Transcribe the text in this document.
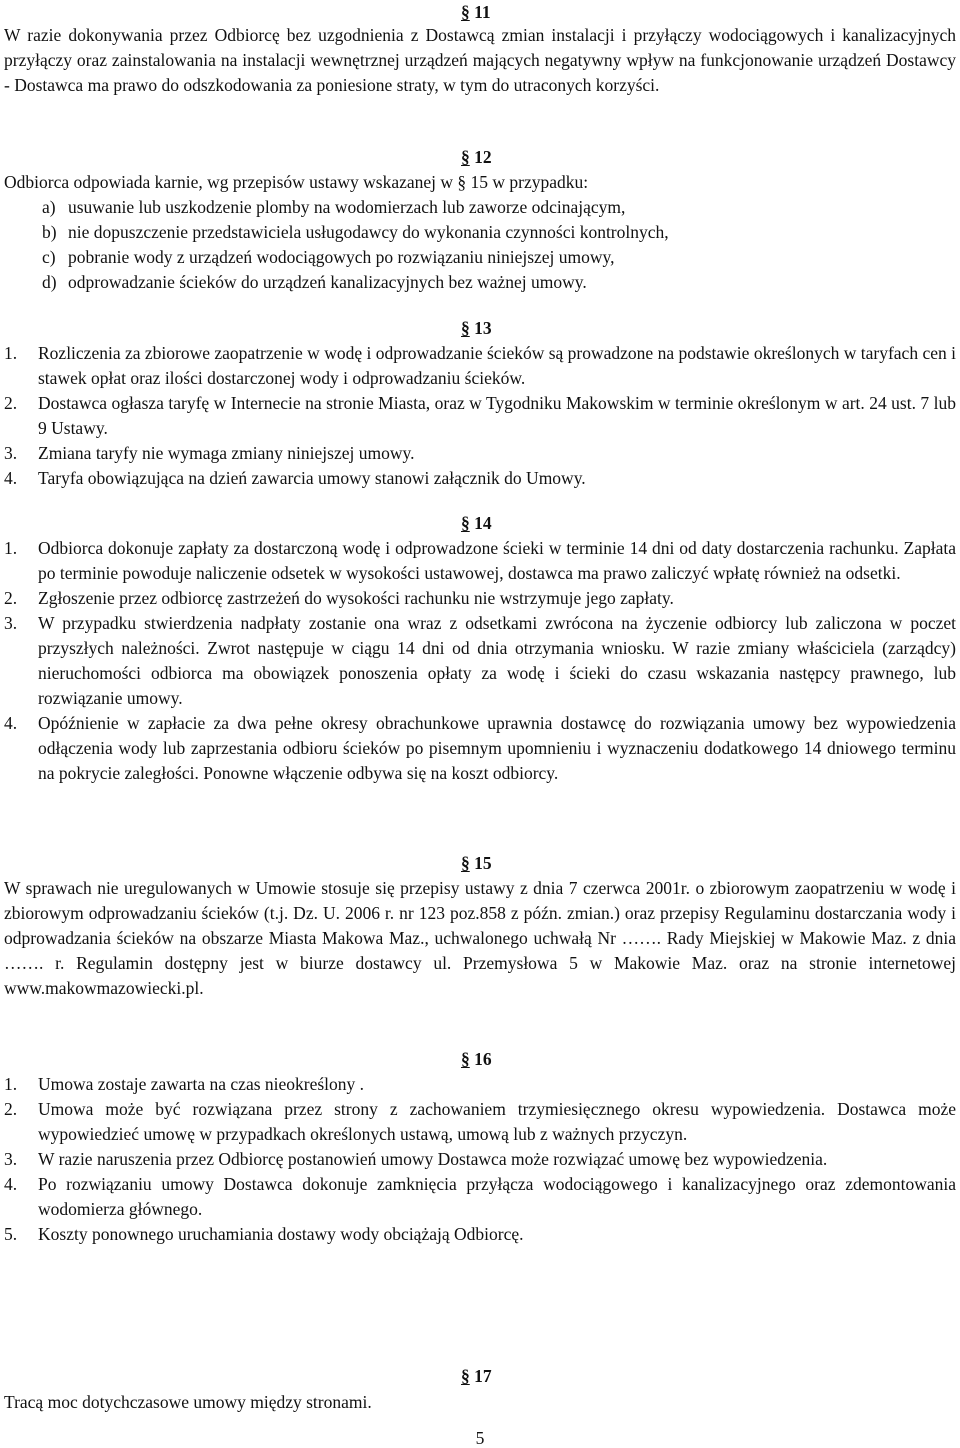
§ 11
W razie dokonywania przez Odbiorcę bez uzgodnienia z Dostawcą zmian instalacji i przyłączy wodociągowych i kanalizacyjnych przyłączy oraz zainstalowania na instalacji wewnętrznej urządzeń mających negatywny wpływ na funkcjonowanie urządzeń Dostawcy - Dostawca ma prawo do odszkodowania za poniesione straty, w tym do utraconych korzyści.
§ 12
Odbiorca odpowiada karnie, wg przepisów ustawy wskazanej w § 15 w przypadku:
a) usuwanie lub uszkodzenie plomby na wodomierzach lub zaworze odcinającym,
b) nie dopuszczenie przedstawiciela usługodawcy do wykonania czynności kontrolnych,
c) pobranie wody z urządzeń wodociągowych po rozwiązaniu niniejszej umowy,
d) odprowadzanie ścieków do urządzeń kanalizacyjnych bez ważnej umowy.
§ 13
1. Rozliczenia za zbiorowe zaopatrzenie w wodę i odprowadzanie ścieków są prowadzone na podstawie określonych w taryfach cen i stawek opłat oraz ilości dostarczonej wody i odprowadzaniu ścieków.
2. Dostawca ogłasza taryfę w Internecie na stronie Miasta, oraz w Tygodniku Makowskim w terminie określonym w art. 24 ust. 7 lub 9 Ustawy.
3. Zmiana taryfy nie wymaga zmiany niniejszej umowy.
4. Taryfa obowiązująca na dzień zawarcia umowy stanowi załącznik do Umowy.
§ 14
1. Odbiorca dokonuje zapłaty za dostarczoną wodę i odprowadzone ścieki w terminie 14 dni od daty dostarczenia rachunku. Zapłata po terminie powoduje naliczenie odsetek w wysokości ustawowej, dostawca ma prawo zaliczyć wpłatę również na odsetki.
2. Zgłoszenie przez odbiorcę zastrzeżeń do wysokości rachunku nie wstrzymuje jego zapłaty.
3. W przypadku stwierdzenia nadpłaty zostanie ona wraz z odsetkami zwrócona na życzenie odbiorcy lub zaliczona w poczet przyszłych należności. Zwrot następuje w ciągu 14 dni od dnia otrzymania wniosku. W razie zmiany właściciela (zarządcy) nieruchomości odbiorca ma obowiązek ponoszenia opłaty za wodę i ścieki do czasu wskazania następcy prawnego, lub rozwiązanie umowy.
4. Opóźnienie w zapłacie za dwa pełne okresy obrachunkowe uprawnia dostawcę do rozwiązania umowy bez wypowiedzenia odłączenia wody lub zaprzestania odbioru ścieków po pisemnym upomnieniu i wyznaczeniu dodatkowego 14 dniowego terminu na pokrycie zaległości. Ponowne włączenie odbywa się na koszt odbiorcy.
§ 15
W sprawach nie uregulowanych w Umowie stosuje się przepisy ustawy z dnia 7 czerwca 2001r. o zbiorowym zaopatrzeniu w wodę i zbiorowym odprowadzaniu ścieków (t.j. Dz. U. 2006 r. nr 123 poz.858 z późn. zmian.) oraz przepisy Regulaminu dostarczania wody i odprowadzania ścieków na obszarze Miasta Makowa Maz., uchwalonego uchwałą Nr ……. Rady Miejskiej w Makowie Maz. z dnia ……. r. Regulamin dostępny jest w biurze dostawcy ul. Przemysłowa 5 w Makowie Maz. oraz na stronie internetowej www.makowmazowiecki.pl.
§ 16
1. Umowa zostaje zawarta na czas nieokreślony .
2. Umowa może być rozwiązana przez strony z zachowaniem trzymiesięcznego okresu wypowiedzenia. Dostawca może wypowiedzieć umowę w przypadkach określonych ustawą, umową lub z ważnych przyczyn.
3. W razie naruszenia przez Odbiorcę postanowień umowy Dostawca może rozwiązać umowę bez wypowiedzenia.
4. Po rozwiązaniu umowy Dostawca dokonuje zamknięcia przyłącza wodociągowego i kanalizacyjnego oraz zdemontowania wodomierza głównego.
5. Koszty ponownego uruchamiania dostawy wody obciążają Odbiorcę.
§ 17
Tracą moc dotychczasowe umowy między stronami.
5
